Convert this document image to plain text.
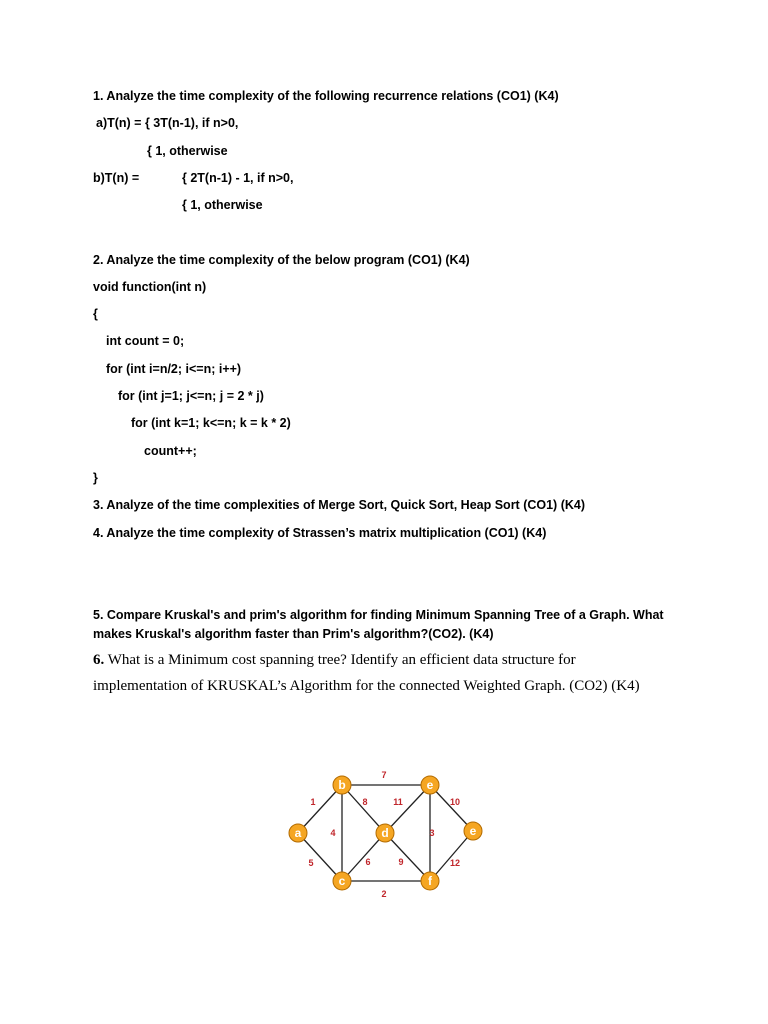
1. Analyze the time complexity of the following recurrence relations (CO1) (K4)
a)T(n) = { 3T(n-1), if n>0,
{ 1, otherwise
b)T(n) =	{ 2T(n-1) - 1, if n>0,
{ 1, otherwise
2. Analyze the time complexity of the below program (CO1) (K4)
void function(int n)
{
int count = 0;
for (int i=n/2; i<=n; i++)
for (int j=1; j<=n; j = 2 * j)
for (int k=1; k<=n; k = k * 2)
count++;
}
3. Analyze of the time complexities of Merge Sort, Quick Sort, Heap Sort (CO1) (K4)
4. Analyze the time complexity of Strassen’s matrix multiplication (CO1) (K4)
5. Compare Kruskal's and prim's algorithm for finding Minimum Spanning Tree of a Graph. What
makes Kruskal's algorithm faster than Prim's algorithm?(CO2). (K4)
6. What is a Minimum cost spanning tree? Identify an efficient data structure for
implementation of KRUSKAL’s Algorithm for the connected Weighted Graph. (CO2) (K4)
7
1	8	11	10
4	3
5	6	9	12
2
b	e
a	d	e
c	f
